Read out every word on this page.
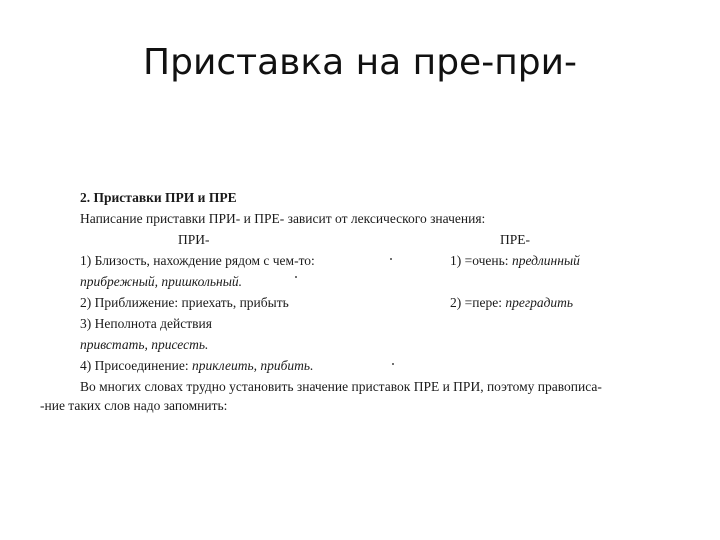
Приставка на пре-при-
2. Приставки ПРИ и ПРЕ
Написание приставки ПРИ- и ПРЕ- зависит от лексического значения:
ПРИ-	ПРЕ-
1) Близость, нахождение рядом с чем-то:	1) =очень: предлинный
прибрежный, пришкольный.
2) Приближение: приехать, прибыть	2) =пере: преградить
3) Неполнота действия
привстать, присесть.
4) Присоединение: приклеить, прибить.
Во многих словах трудно установить значение приставок ПРЕ и ПРИ, поэтому правописа-
-ние таких слов надо запомнить:
